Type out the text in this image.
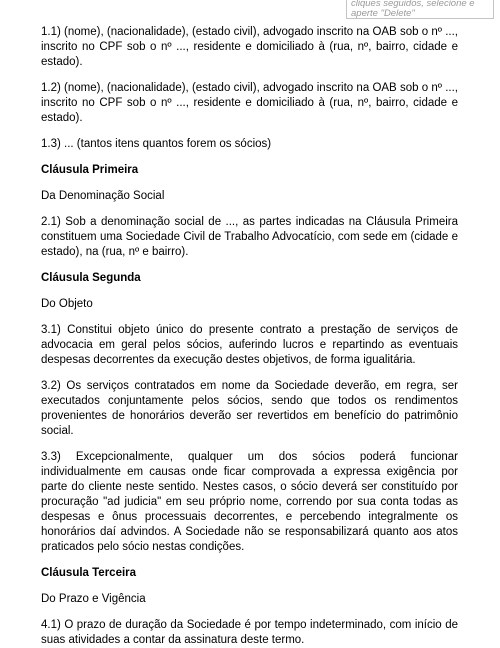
cliques seguidos, selecione e
aperte "Delete"

1.1) (nome), (nacionalidade), (estado civil), advogado inscrito na OAB sob o nº ..., inscrito no CPF sob o nº ..., residente e domiciliado à (rua, nº, bairro, cidade e estado).

1.2) (nome), (nacionalidade), (estado civil), advogado inscrito na OAB sob o nº ..., inscrito no CPF sob o nº ..., residente e domiciliado à (rua, nº, bairro, cidade e estado).

1.3) ... (tantos itens quantos forem os sócios)

Cláusula Primeira

Da Denominação Social

2.1) Sob a denominação social de ..., as partes indicadas na Cláusula Primeira constituem uma Sociedade Civil de Trabalho Advocatício, com sede em (cidade e estado), na (rua, nº e bairro).

Cláusula Segunda

Do Objeto

3.1) Constitui objeto único do presente contrato a prestação de serviços de advocacia em geral pelos sócios, auferindo lucros e repartindo as eventuais despesas decorrentes da execução destes objetivos, de forma igualitária.

3.2) Os serviços contratados em nome da Sociedade deverão, em regra, ser executados conjuntamente pelos sócios, sendo que todos os rendimentos provenientes de honorários deverão ser revertidos em benefício do patrimônio social.

3.3) Excepcionalmente, qualquer um dos sócios poderá funcionar individualmente em causas onde ficar comprovada a expressa exigência por parte do cliente neste sentido. Nestes casos, o sócio deverá ser constituído por procuração "ad judicia" em seu próprio nome, correndo por sua conta todas as despesas e ônus processuais decorrentes, e percebendo integralmente os honorários daí advindos. A Sociedade não se responsabilizará quanto aos atos praticados pelo sócio nestas condições.

Cláusula Terceira

Do Prazo e Vigência

4.1) O prazo de duração da Sociedade é por tempo indeterminado, com início de suas atividades a contar da assinatura deste termo.
